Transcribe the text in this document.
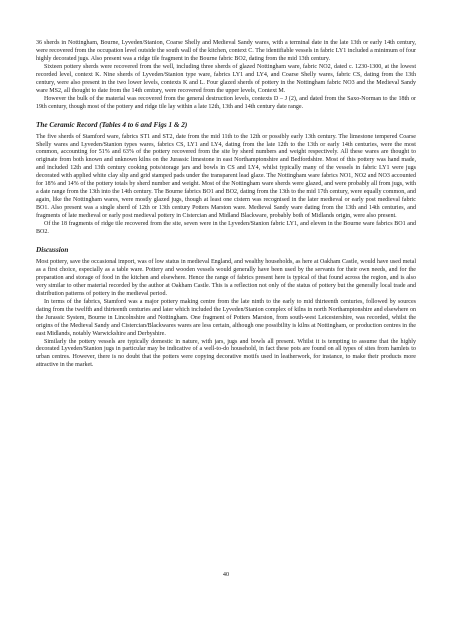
36 sherds in Nottingham, Bourne, Lyveden/Stanion, Coarse Shelly and Medieval Sandy wares, with a terminal date in the late 13th or early 14th century, were recovered from the occupation level outside the south wall of the kitchen, context C. The identifiable vessels in fabric LY1 included a minimum of four highly decorated jugs. Also present was a ridge tile fragment in the Bourne fabric BO2, dating from the mid 13th century.

Sixteen pottery sherds were recovered from the well, including three sherds of glazed Nottingham ware, fabric NO2, dated c. 1230-1300, at the lowest recorded level, context K. Nine sherds of Lyveden/Stanion type ware, fabrics LY1 and LY4, and Coarse Shelly wares, fabric CS, dating from the 13th century, were also present in the two lower levels, contexts K and L. Four glazed sherds of pottery in the Nottingham fabric NO3 and the Medieval Sandy ware MS2, all thought to date from the 14th century, were recovered from the upper levels, Context M.

However the bulk of the material was recovered from the general destruction levels, contexts D – J (2), and dated from the Saxo-Norman to the 18th or 19th century, though most of the pottery and ridge tile lay within a late 12th, 13th and 14th century date range.

The Ceramic Record (Tables 4 to 6 and Figs 1 & 2)

The five sherds of Stamford ware, fabrics ST1 and ST2, date from the mid 11th to the 12th or possibly early 13th century. The limestone tempered Coarse Shelly wares and Lyveden/Stanion types wares, fabrics CS, LY1 and LY4, dating from the late 12th to the 13th or early 14th centuries, were the most common, accounting for 51% and 63% of the pottery recovered from the site by sherd numbers and weight respectively. All these wares are thought to originate from both known and unknown kilns on the Jurassic limestone in east Northamptonshire and Bedfordshire. Most of this pottery was hand made, and included 12th and 13th century cooking pots/storage jars and bowls in CS and LY4, whilst typically many of the vessels in fabric LY1 were jugs decorated with applied white clay slip and grid stamped pads under the transparent lead glaze. The Nottingham ware fabrics NO1, NO2 and NO3 accounted for 18% and 14% of the pottery totals by sherd number and weight. Most of the Nottingham ware sherds were glazed, and were probably all from jugs, with a date range from the 13th into the 14th century. The Bourne fabrics BO1 and BO2, dating from the 13th to the mid 17th century, were equally common, and again, like the Nottingham wares, were mostly glazed jugs, though at least one cistern was recognised in the later medieval or early post medieval fabric BO1. Also present was a single sherd of 12th or 13th century Potters Marston ware. Medieval Sandy ware dating from the 13th and 14th centuries, and fragments of late medieval or early post medieval pottery in Cistercian and Midland Blackware, probably both of Midlands origin, were also present.

Of the 18 fragments of ridge tile recovered from the site, seven were in the Lyveden/Stanion fabric LY1, and eleven in the Bourne ware fabrics BO1 and BO2.

Discussion

Most pottery, save the occasional import, was of low status in medieval England, and wealthy households, as here at Oakham Castle, would have used metal as a first choice, especially as a table ware. Pottery and wooden vessels would generally have been used by the servants for their own needs, and for the preparation and storage of food in the kitchen and elsewhere. Hence the range of fabrics present here is typical of that found across the region, and is also very similar to other material recorded by the author at Oakham Castle. This is a reflection not only of the status of pottery but the generally local trade and distribution patterns of pottery in the medieval period.

In terms of the fabrics, Stamford was a major pottery making centre from the late ninth to the early to mid thirteenth centuries, followed by sources dating from the twelfth and thirteenth centuries and later which included the Lyveden/Stanion complex of kilns in north Northamptonshire and elsewhere on the Jurassic System, Bourne in Lincolnshire and Nottingham. One fragment of Potters Marston, from south-west Leicestershire, was recorded, whilst the origins of the Medieval Sandy and Cistercian/Blackwares wares are less certain, although one possibility is kilns at Nottingham, or production centres in the east Midlands, notably Warwickshire and Derbyshire.

Similarly the pottery vessels are typically domestic in nature, with jars, jugs and bowls all present. Whilst it is tempting to assume that the highly decorated Lyveden/Stanion jugs in particular may be indicative of a well-to-do household, in fact these pots are found on all types of sites from hamlets to urban centres. However, there is no doubt that the potters were copying decorative motifs used in leatherwork, for instance, to make their products more attractive in the market.

40
